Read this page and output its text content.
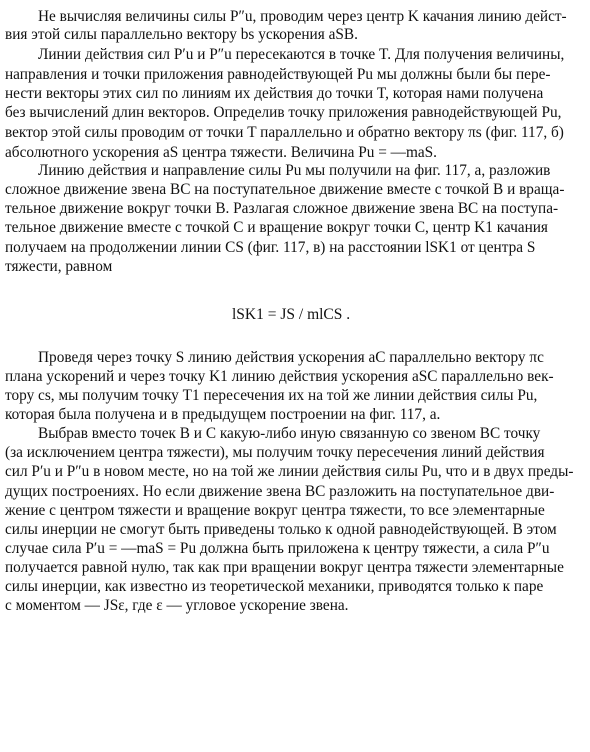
Не вычисляя величины силы P″u, проводим через центр K качания линию дейст-
вия этой силы параллельно вектору bs ускорения aSB.
Линии действия сил P′u и P″u пересекаются в точке T. Для получения величины,
направления и точки приложения равнодействующей Pu мы должны были бы пере-
нести векторы этих сил по линиям их действия до точки T, которая нами получена
без вычислений длин векторов. Определив точку приложения равнодействующей Pu,
вектор этой силы проводим от точки T параллельно и обратно вектору πs (фиг. 117, б)
абсолютного ускорения aS центра тяжести. Величина Pu = —maS.
Линию действия и направление силы Pu мы получили на фиг. 117, а, разложив
сложное движение звена BC на поступательное движение вместе с точкой B и враща-
тельное движение вокруг точки B. Разлагая сложное движение звена BC на поступа-
тельное движение вместе с точкой C и вращение вокруг точки C, центр K1 качания
получаем на продолжении линии CS (фиг. 117, в) на расстоянии lSK1 от центра S
тяжести, равном
lSK1 = JS / mlCS .
Проведя через точку S линию действия ускорения aC параллельно вектору πc
плана ускорений и через точку K1 линию действия ускорения aSC параллельно век-
тору cs, мы получим точку T1 пересечения их на той же линии действия силы Pu,
которая была получена и в предыдущем построении на фиг. 117, а.
Выбрав вместо точек B и C какую-либо иную связанную со звеном BC точку
(за исключением центра тяжести), мы получим точку пересечения линий действия
сил P′u и P″u в новом месте, но на той же линии действия силы Pu, что и в двух преды-
дущих построениях. Но если движение звена BC разложить на поступательное дви-
жение с центром тяжести и вращение вокруг центра тяжести, то все элементарные
силы инерции не смогут быть приведены только к одной равнодействующей. В этом
случае сила P′u = —maS = Pu должна быть приложена к центру тяжести, а сила P″u
получается равной нулю, так как при вращении вокруг центра тяжести элементарные
силы инерции, как известно из теоретической механики, приводятся только к паре
с моментом — JSε, где ε — угловое ускорение звена.
